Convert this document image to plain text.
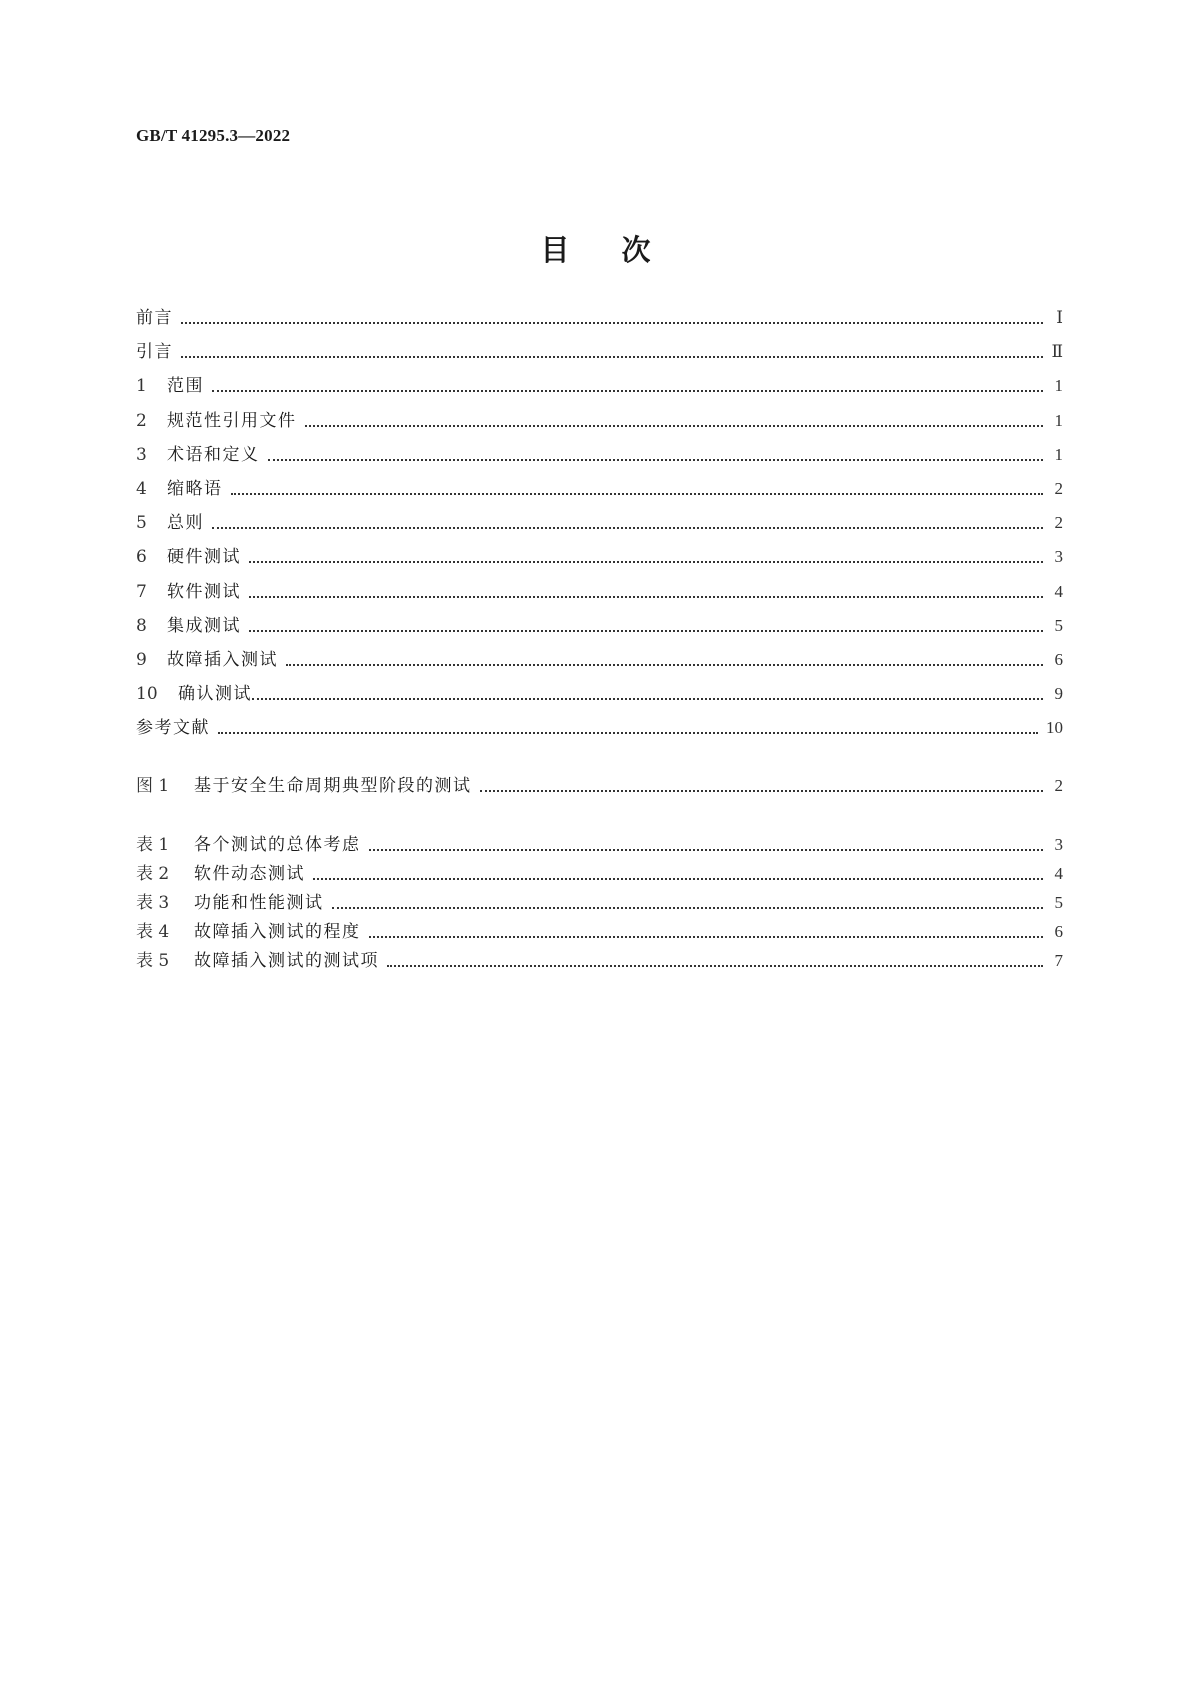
GB/T 41295.3—2022
目次
前言	Ⅰ
引言	Ⅱ
1	范围	1
2	规范性引用文件	1
3	术语和定义	1
4	缩略语	2
5	总则	2
6	硬件测试	3
7	软件测试	4
8	集成测试	5
9	故障插入测试	6
10	确认测试	9
参考文献	10
图 1	基于安全生命周期典型阶段的测试	2
表 1	各个测试的总体考虑	3
表 2	软件动态测试	4
表 3	功能和性能测试	5
表 4	故障插入测试的程度	6
表 5	故障插入测试的测试项	7
